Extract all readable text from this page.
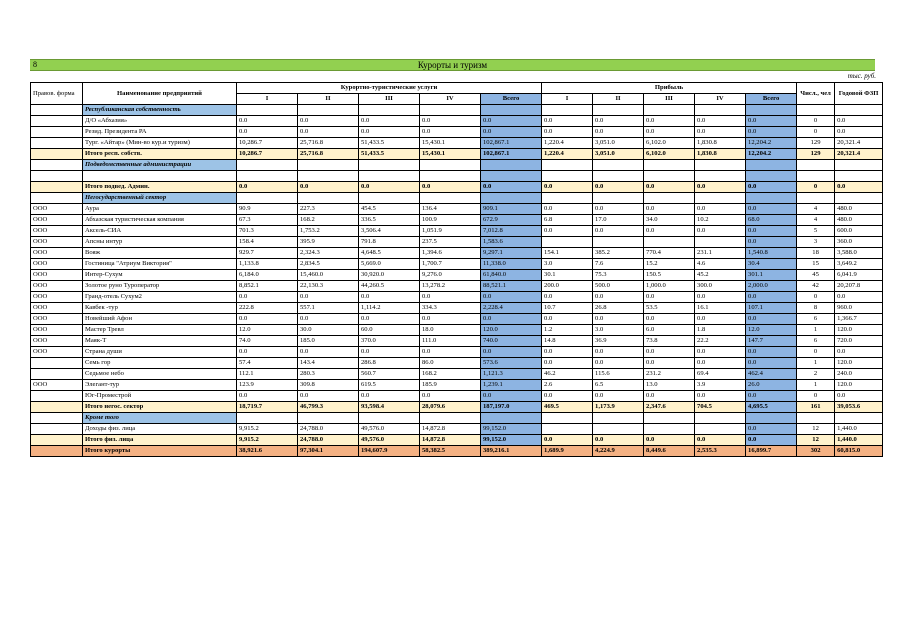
8	Курорты и туризм
тыс. руб.
Правов. форма	Наименование предприятий	Курортно-туристические услуги					Прибыль					Числ., чел	Годовой ФЗП
		I	II	III	IV	Всего	I	II	III	IV	Всего		
	Республиканская собственность												
	Д/О «Абхазия»	0.0	0.0	0.0	0.0	0.0	0.0	0.0	0.0	0.0	0.0	0	0.0
	Резид. Президента РА	0.0	0.0	0.0	0.0	0.0	0.0	0.0	0.0	0.0	0.0	0	0.0
	Тург. «Айтар» (Мин-во кур.и туризм)	10,286.7	25,716.8	51,433.5	15,430.1	102,867.1	1,220.4	3,051.0	6,102.0	1,830.8	12,204.2	129	20,321.4
	Итого респ. собств.	10,286.7	25,716.8	51,433.5	15,430.1	102,867.1	1,220.4	3,051.0	6,102.0	1,830.8	12,204.2	129	20,321.4
	Подведомственные администрации												

	Итого подвед. Админ.	0.0	0.0	0.0	0.0	0.0	0.0	0.0	0.0	0.0	0.0	0	0.0
	Негосударственный сектор												
ООО	Аура	90.9	227.3	454.5	136.4	909.1	0.0	0.0	0.0	0.0	0.0	4	480.0
ООО	Абхазская туристическая компания	67.3	168.2	336.5	100.9	672.9	6.8	17.0	34.0	10.2	68.0	4	480.0
ООО	Аксель-СИА	701.3	1,753.2	3,506.4	1,051.9	7,012.8	0.0	0.0	0.0	0.0	0.0	5	600.0
ООО	Апсны интур	158.4	395.9	791.8	237.5	1,583.6					0.0	3	360.0
ООО	Вояж	929.7	2,324.3	4,648.5	1,394.6	9,297.1	154.1	385.2	770.4	231.1	1,540.8	18	3,588.0
ООО	Гостиница "Атриум Виктория"	1,133.8	2,834.5	5,669.0	1,700.7	11,338.0	3.0	7.6	15.2	4.6	30.4	15	3,649.2
ООО	Интер-Сухум	6,184.0	15,460.0	30,920.0	9,276.0	61,840.0	30.1	75.3	150.5	45.2	301.1	45	6,041.9
ООО	Золотое руно Туроператор	8,852.1	22,130.3	44,260.5	13,278.2	88,521.1	200.0	500.0	1,000.0	300.0	2,000.0	42	20,207.8
ООО	Гранд-отель Сухум2	0.0	0.0	0.0	0.0	0.0	0.0	0.0	0.0	0.0	0.0	0	0.0
ООО	Кавбек -тур	222.8	557.1	1,114.2	334.3	2,228.4	10.7	26.8	53.5	16.1	107.1	8	960.0
ООО	Новейший Афон	0.0	0.0	0.0	0.0	0.0	0.0	0.0	0.0	0.0	0.0	6	1,366.7
ООО	Мастер Тревл	12.0	30.0	60.0	18.0	120.0	1.2	3.0	6.0	1.8	12.0	1	120.0
ООО	Маяк-Т	74.0	185.0	370.0	111.0	740.0	14.8	36.9	73.8	22.2	147.7	6	720.0
ООО	Страна души	0.0	0.0	0.0	0.0	0.0	0.0	0.0	0.0	0.0	0.0	0	0.0
	Семь гор	57.4	143.4	286.8	86.0	573.6	0.0	0.0	0.0	0.0	0.0	1	120.0
	Седьмое небо	112.1	280.3	560.7	168.2	1,121.3	46.2	115.6	231.2	69.4	462.4	2	240.0
ООО	Элегант-тур	123.9	309.8	619.5	185.9	1,239.1	2.6	6.5	13.0	3.9	26.0	1	120.0
	Юг-Проместрой	0.0	0.0	0.0	0.0	0.0	0.0	0.0	0.0	0.0	0.0	0	0.0
	Итого негос. сектор	18,719.7	46,799.3	93,598.4	28,079.6	187,197.0	469.5	1,173.9	2,347.6	704.5	4,695.5	161	39,053.6
	Кроме того												
	Доходы физ. лица	9,915.2	24,788.0	49,576.0	14,872.8	99,152.0					0.0	12	1,440.0
	Итого физ. лица	9,915.2	24,788.0	49,576.0	14,872.8	99,152.0	0.0	0.0	0.0	0.0	0.0	12	1,440.0
	Итого курорты	38,921.6	97,304.1	194,607.9	58,382.5	389,216.1	1,689.9	4,224.9	8,449.6	2,535.3	16,899.7	302	60,815.0
